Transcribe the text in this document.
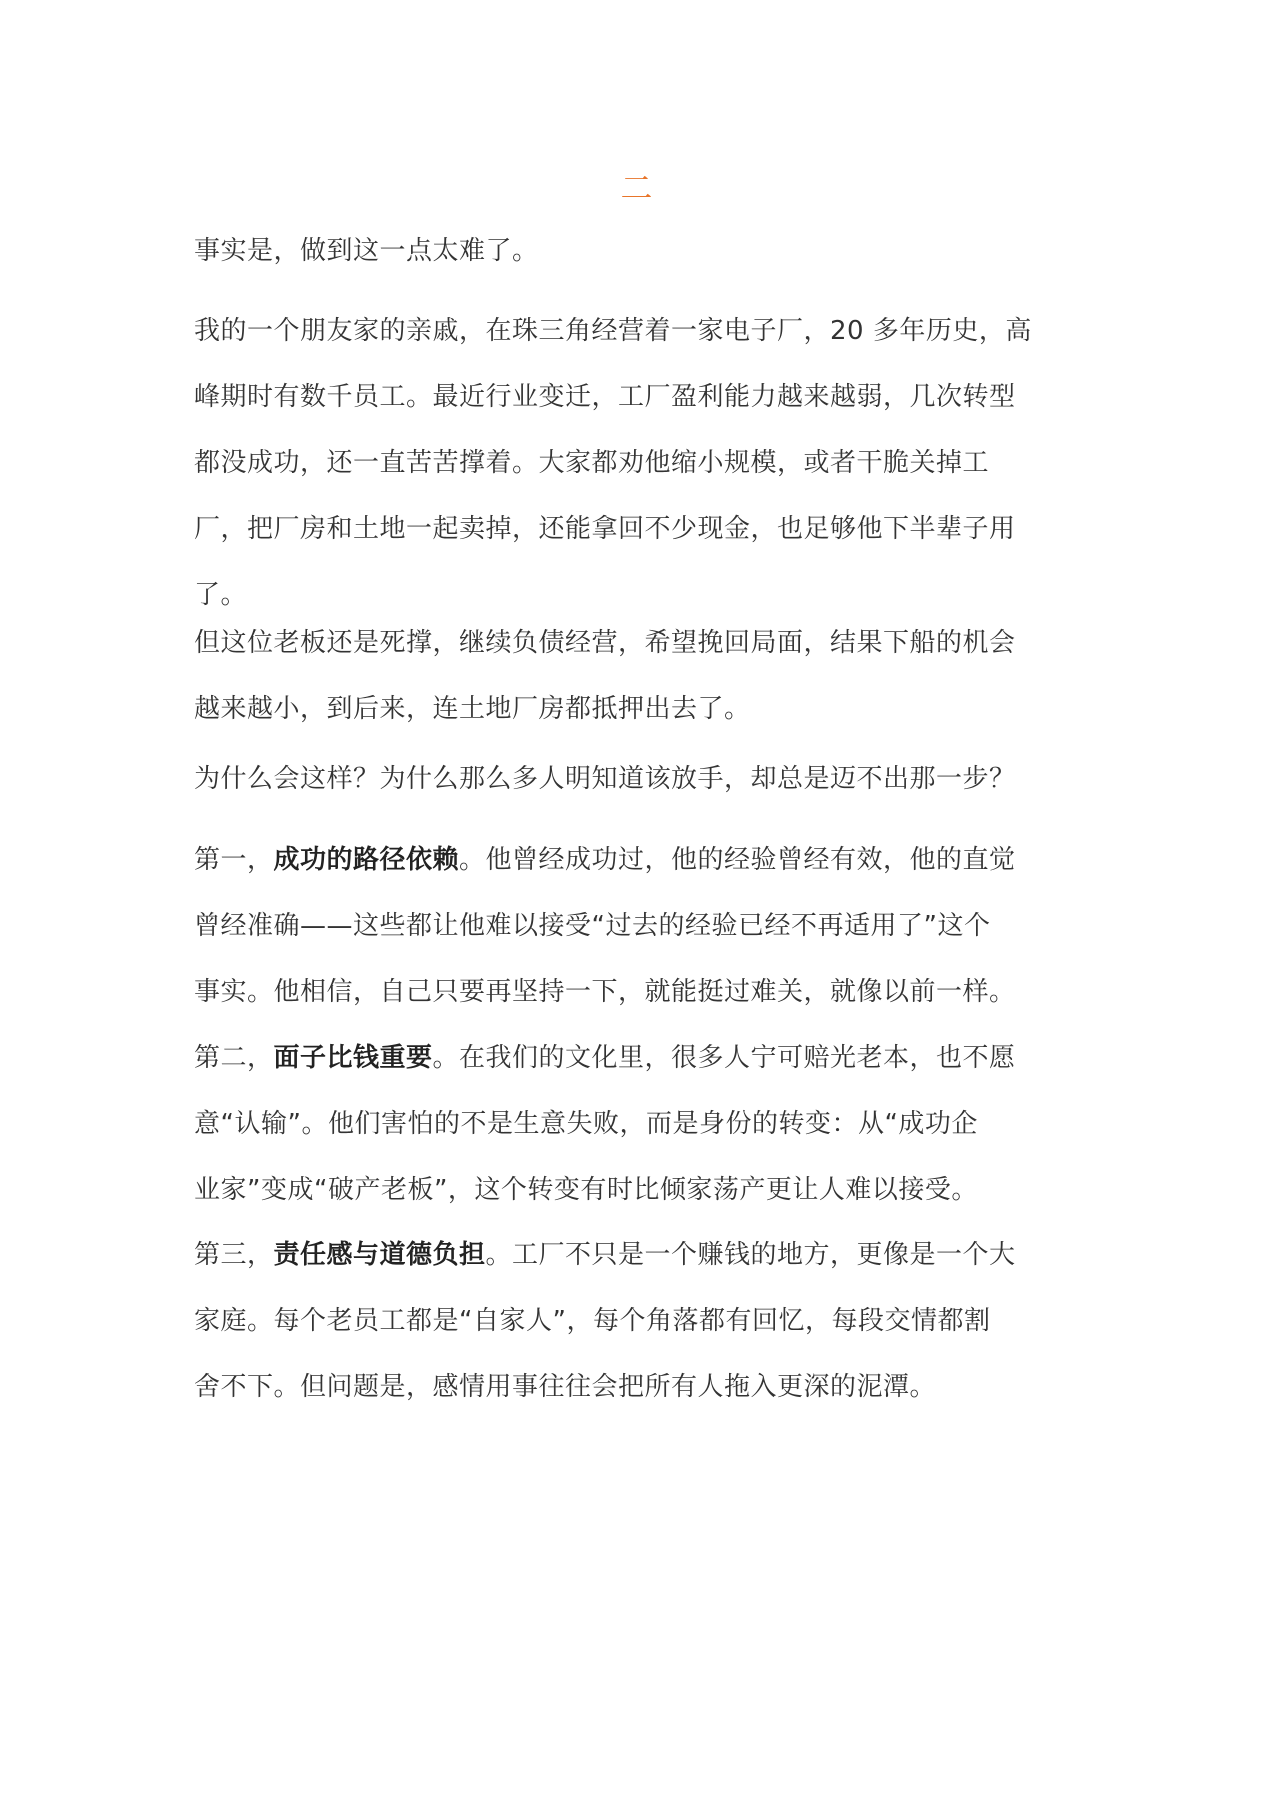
二

事实是，做到这一点太难了。

我的一个朋友家的亲戚，在珠三角经营着一家电子厂，20 多年历史，高
峰期时有数千员工。最近行业变迁，工厂盈利能力越来越弱，几次转型
都没成功，还一直苦苦撑着。大家都劝他缩小规模，或者干脆关掉工
厂，把厂房和土地一起卖掉，还能拿回不少现金，也足够他下半辈子用
了。

但这位老板还是死撑，继续负债经营，希望挽回局面，结果下船的机会
越来越小，到后来，连土地厂房都抵押出去了。

为什么会这样？为什么那么多人明知道该放手，却总是迈不出那一步？

第一，成功的路径依赖。他曾经成功过，他的经验曾经有效，他的直觉
曾经准确——这些都让他难以接受“过去的经验已经不再适用了”这个
事实。他相信，自己只要再坚持一下，就能挺过难关，就像以前一样。

第二，面子比钱重要。在我们的文化里，很多人宁可赔光老本，也不愿
意“认输”。他们害怕的不是生意失败，而是身份的转变：从“成功企
业家”变成“破产老板”，这个转变有时比倾家荡产更让人难以接受。

第三，责任感与道德负担。工厂不只是一个赚钱的地方，更像是一个大
家庭。每个老员工都是“自家人”，每个角落都有回忆，每段交情都割
舍不下。但问题是，感情用事往往会把所有人拖入更深的泥潭。
